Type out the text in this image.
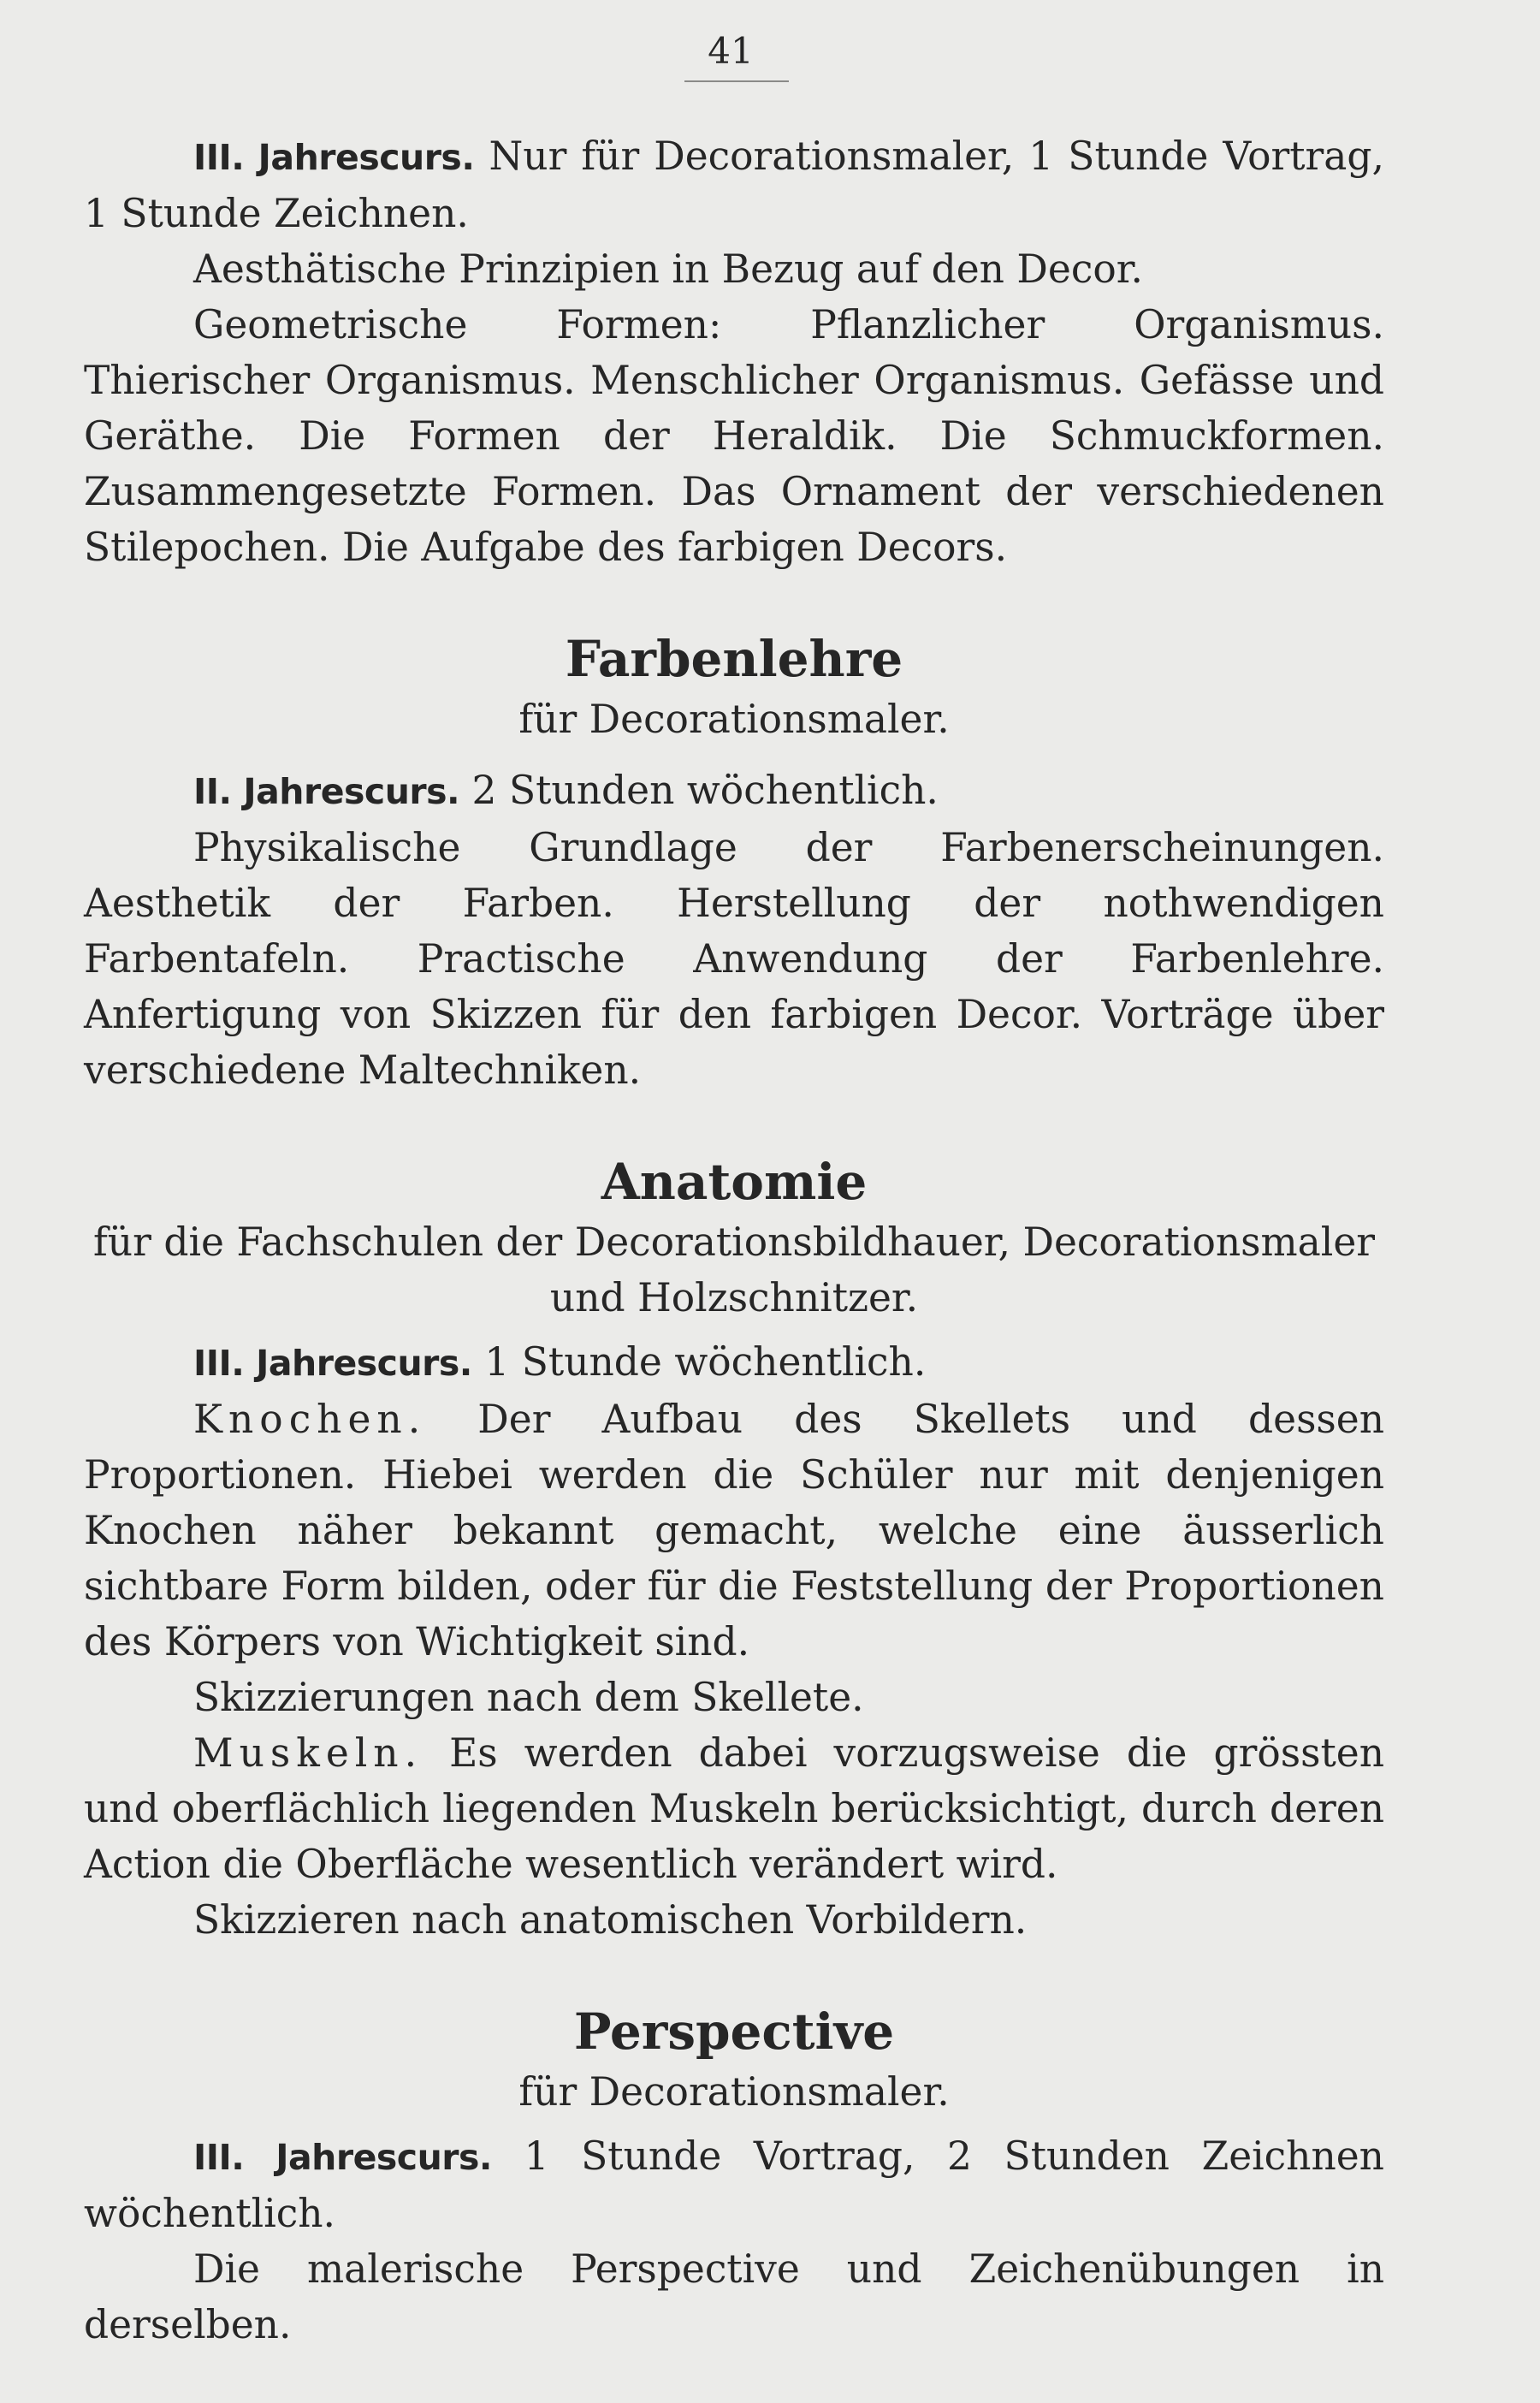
41

III. Jahrescurs. Nur für Decorationsmaler, 1 Stunde Vortrag, 1 Stunde Zeichnen.

Aesthätische Prinzipien in Bezug auf den Decor.

Geometrische Formen: Pflanzlicher Organismus. Thierischer Organismus. Menschlicher Organismus. Gefässe und Geräthe. Die Formen der Heraldik. Die Schmuckformen. Zusammengesetzte Formen. Das Ornament der verschiedenen Stilepochen. Die Aufgabe des farbigen Decors.

Farbenlehre

für Decorationsmaler.

II. Jahrescurs. 2 Stunden wöchentlich.

Physikalische Grundlage der Farbenerscheinungen. Aesthetik der Farben. Herstellung der nothwendigen Farbentafeln. Practische Anwendung der Farbenlehre. Anfertigung von Skizzen für den farbigen Decor. Vorträge über verschiedene Maltechniken.

Anatomie

für die Fachschulen der Decorationsbildhauer, Decorationsmaler und Holzschnitzer.

III. Jahrescurs. 1 Stunde wöchentlich.

Knochen. Der Aufbau des Skellets und dessen Proportionen. Hiebei werden die Schüler nur mit denjenigen Knochen näher bekannt gemacht, welche eine äusserlich sichtbare Form bilden, oder für die Feststellung der Proportionen des Körpers von Wichtigkeit sind.

Skizzierungen nach dem Skellete.

Muskeln. Es werden dabei vorzugsweise die grössten und oberflächlich liegenden Muskeln berücksichtigt, durch deren Action die Oberfläche wesentlich verändert wird.

Skizzieren nach anatomischen Vorbildern.

Perspective

für Decorationsmaler.

III. Jahrescurs. 1 Stunde Vortrag, 2 Stunden Zeichnen wöchentlich.

Die malerische Perspective und Zeichenübungen in derselben.
